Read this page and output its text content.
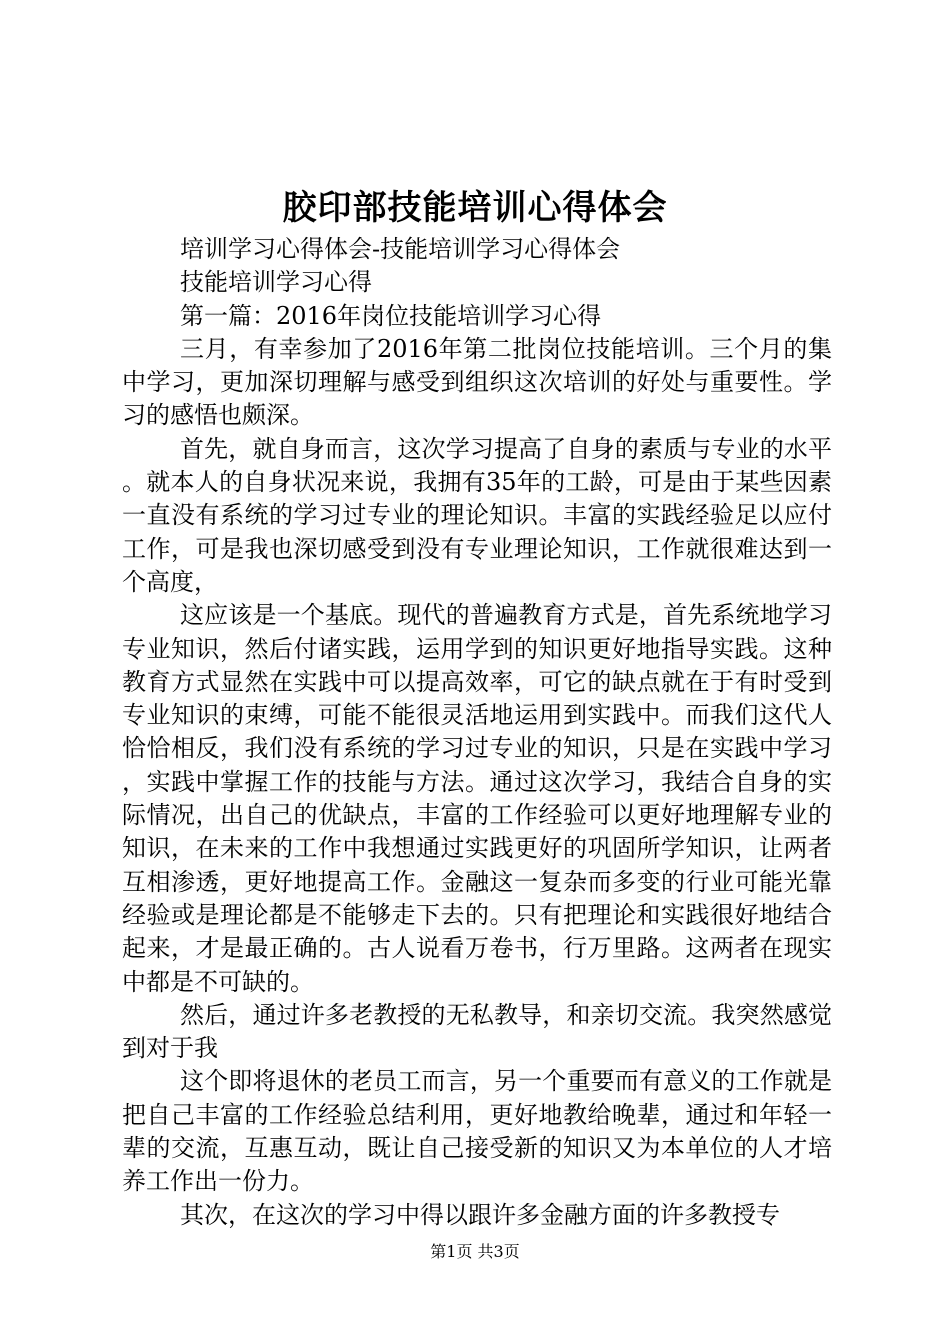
胶印部技能培训心得体会

培训学习心得体会-技能培训学习心得体会

技能培训学习心得

第一篇：2016年岗位技能培训学习心得

三月，有幸参加了2016年第二批岗位技能培训。三个月的集中学习，更加深切理解与感受到组织这次培训的好处与重要性。学习的感悟也颇深。

首先，就自身而言，这次学习提高了自身的素质与专业的水平。就本人的自身状况来说，我拥有35年的工龄，可是由于某些因素一直没有系统的学习过专业的理论知识。丰富的实践经验足以应付工作，可是我也深切感受到没有专业理论知识，工作就很难达到一个高度，

这应该是一个基底。现代的普遍教育方式是，首先系统地学习专业知识，然后付诸实践，运用学到的知识更好地指导实践。这种教育方式显然在实践中可以提高效率，可它的缺点就在于有时受到专业知识的束缚，可能不能很灵活地运用到实践中。而我们这代人恰恰相反，我们没有系统的学习过专业的知识，只是在实践中学习，实践中掌握工作的技能与方法。通过这次学习，我结合自身的实际情况，出自己的优缺点，丰富的工作经验可以更好地理解专业的知识，在未来的工作中我想通过实践更好的巩固所学知识，让两者互相渗透，更好地提高工作。金融这一复杂而多变的行业可能光靠经验或是理论都是不能够走下去的。只有把理论和实践很好地结合起来，才是最正确的。古人说看万卷书，行万里路。这两者在现实中都是不可缺的。

然后，通过许多老教授的无私教导，和亲切交流。我突然感觉到对于我

这个即将退休的老员工而言，另一个重要而有意义的工作就是把自己丰富的工作经验总结利用，更好地教给晚辈，通过和年轻一辈的交流，互惠互动，既让自己接受新的知识又为本单位的人才培养工作出一份力。

其次，在这次的学习中得以跟许多金融方面的许多教授专

第1页 共3页
